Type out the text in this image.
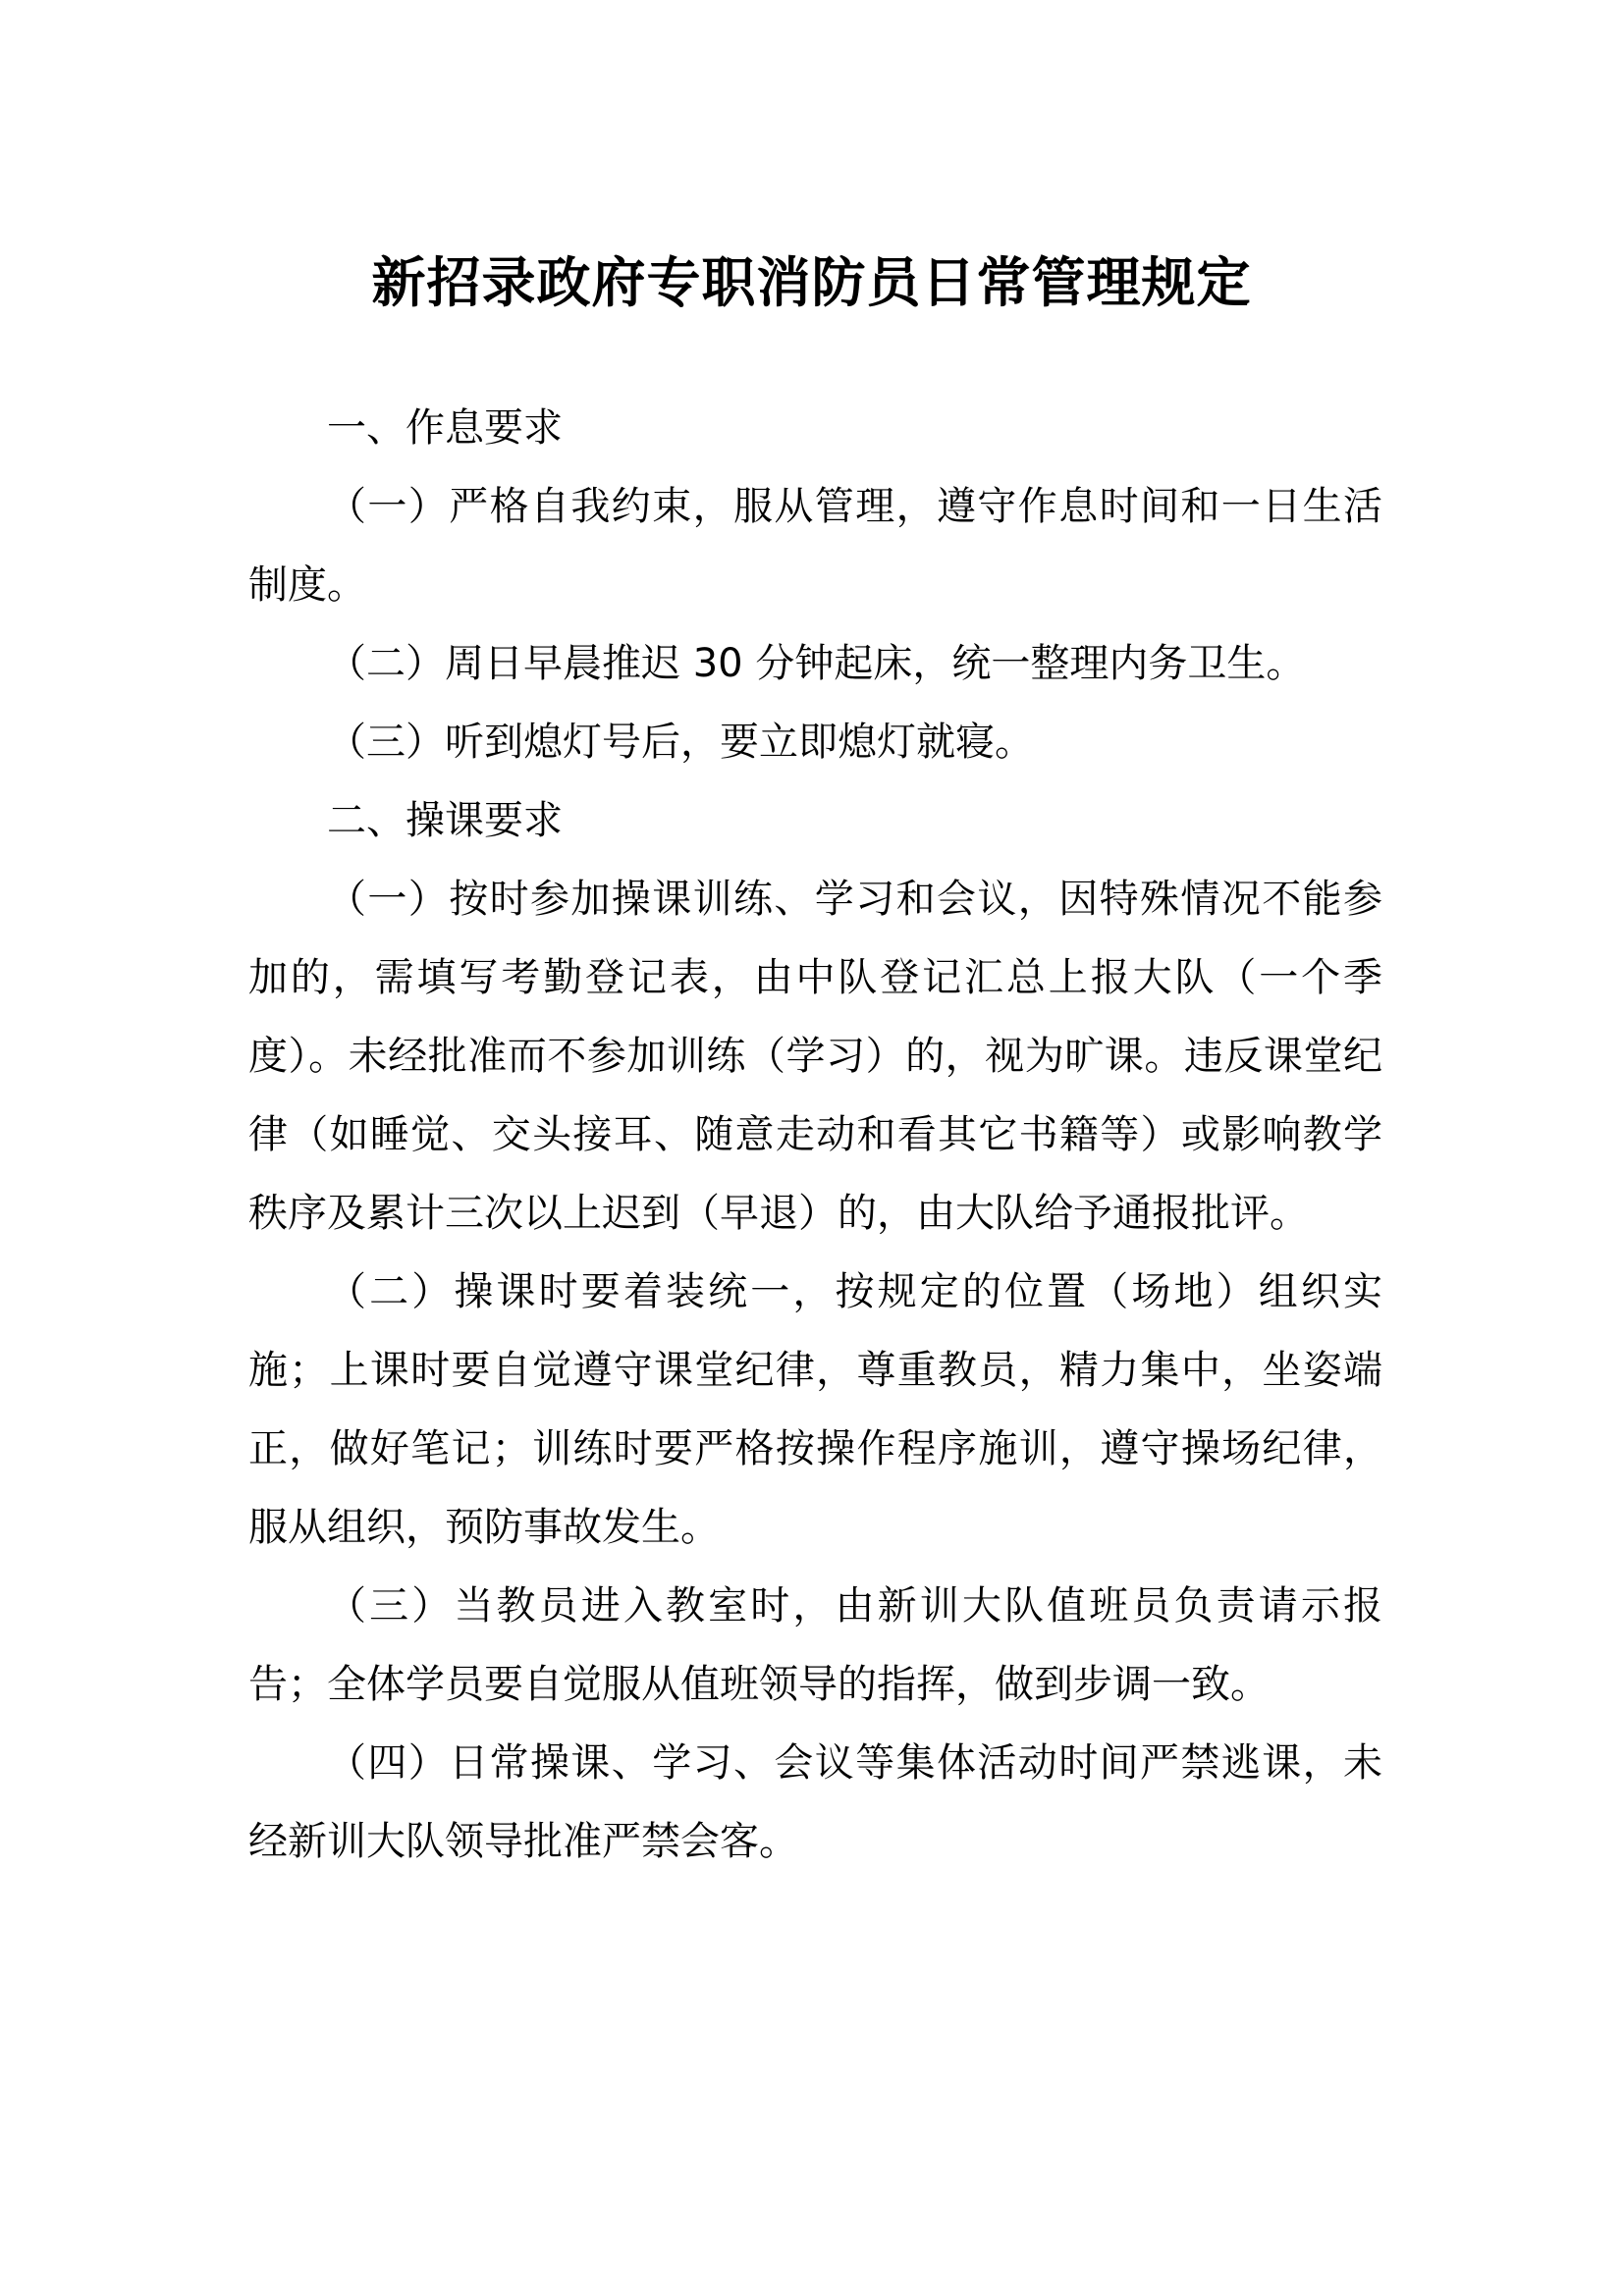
新招录政府专职消防员日常管理规定

一、作息要求

（一）严格自我约束，服从管理，遵守作息时间和一日生活制度。

（二）周日早晨推迟 30 分钟起床，统一整理内务卫生。

（三）听到熄灯号后，要立即熄灯就寝。

二、操课要求

（一）按时参加操课训练、学习和会议，因特殊情况不能参加的，需填写考勤登记表，由中队登记汇总上报大队（一个季度）。未经批准而不参加训练（学习）的，视为旷课。违反课堂纪律（如睡觉、交头接耳、随意走动和看其它书籍等）或影响教学秩序及累计三次以上迟到（早退）的，由大队给予通报批评。

（二）操课时要着装统一，按规定的位置（场地）组织实施；上课时要自觉遵守课堂纪律，尊重教员，精力集中，坐姿端正，做好笔记；训练时要严格按操作程序施训，遵守操场纪律，服从组织，预防事故发生。

（三）当教员进入教室时，由新训大队值班员负责请示报告；全体学员要自觉服从值班领导的指挥，做到步调一致。

（四）日常操课、学习、会议等集体活动时间严禁逃课，未经新训大队领导批准严禁会客。
